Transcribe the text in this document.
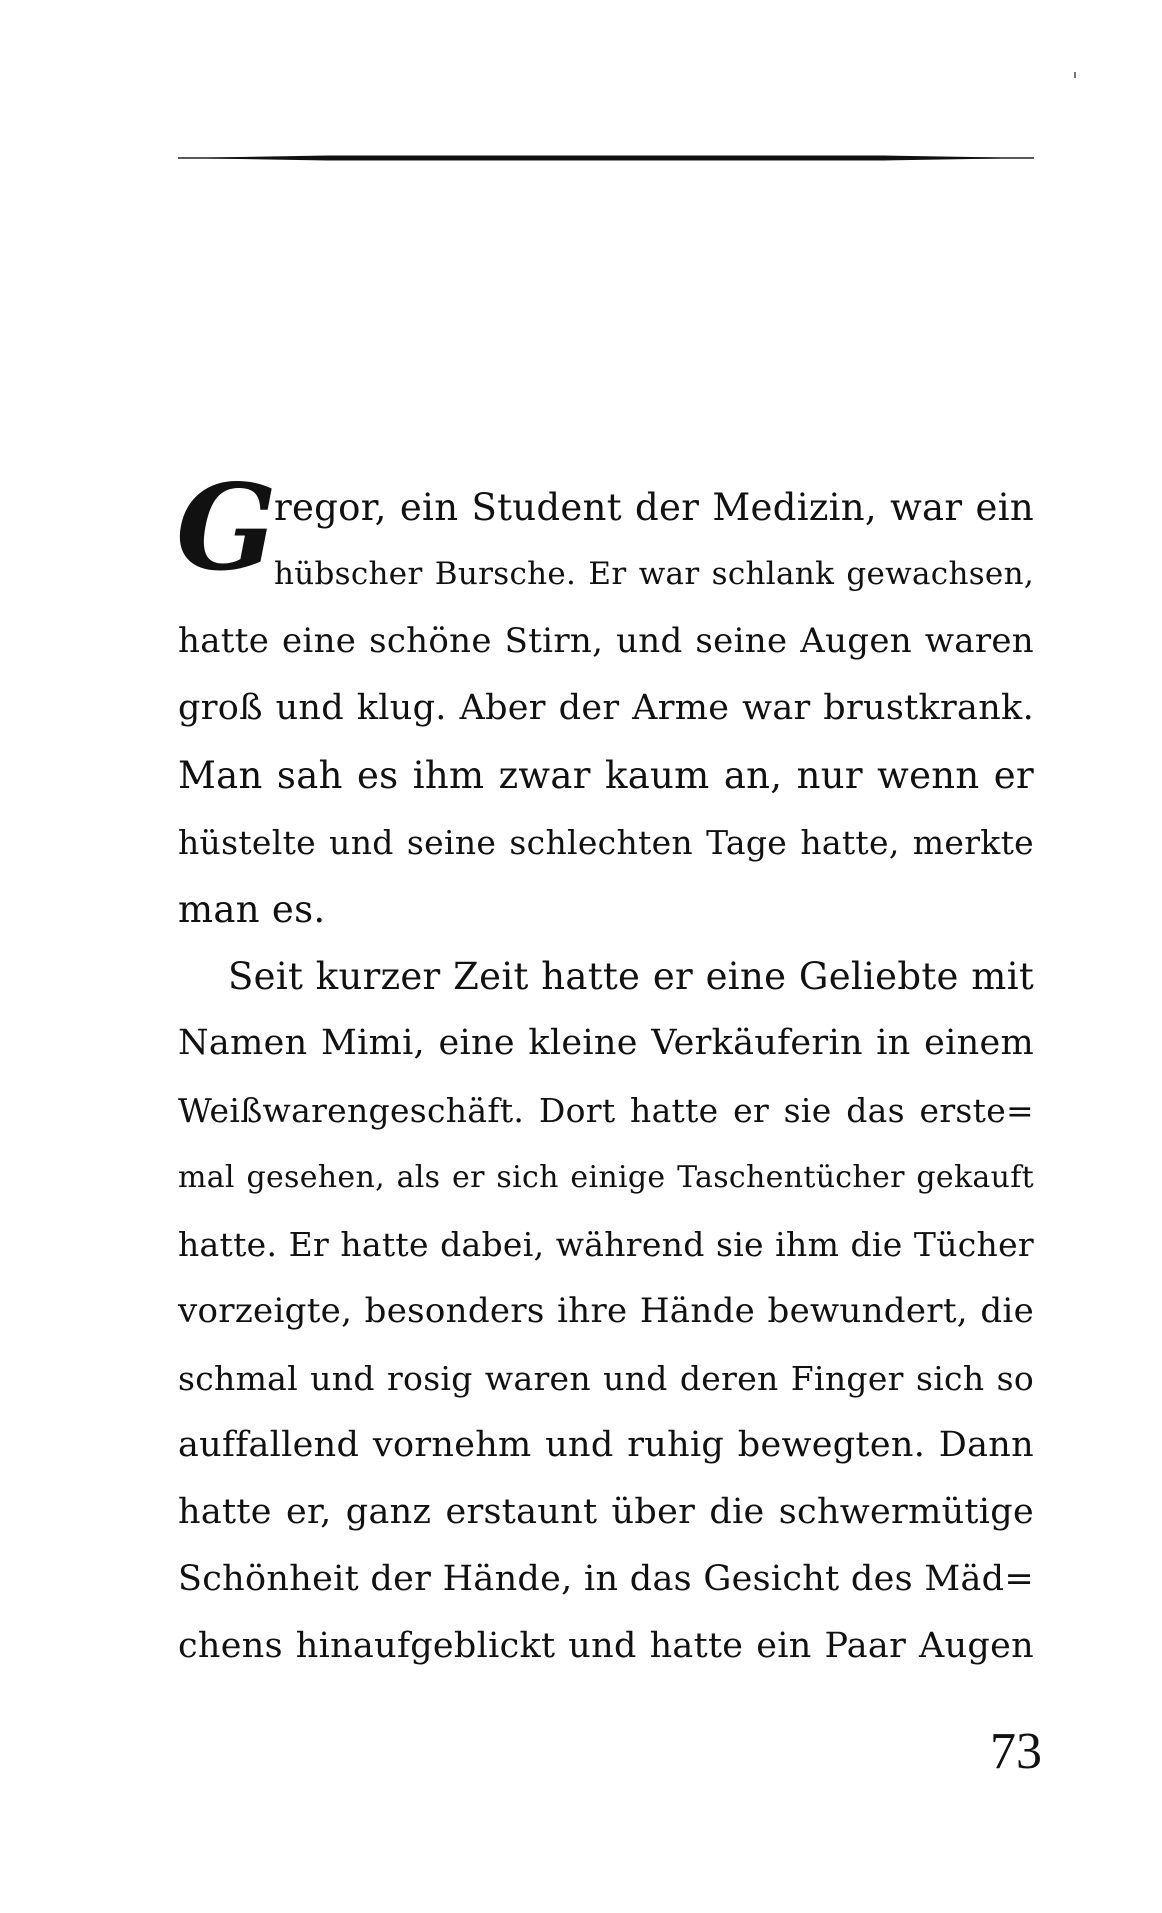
G
regor, ein Student der Medizin, war ein
hübscher Bursche. Er war schlank gewachsen,
hatte eine schöne Stirn, und seine Augen waren
groß und klug. Aber der Arme war brustkrank.
Man sah es ihm zwar kaum an, nur wenn er
hüstelte und seine schlechten Tage hatte, merkte
man es.
Seit kurzer Zeit hatte er eine Geliebte mit
Namen Mimi, eine kleine Verkäuferin in einem
Weißwarengeschäft. Dort hatte er sie das erste=
mal gesehen, als er sich einige Taschentücher gekauft
hatte. Er hatte dabei, während sie ihm die Tücher
vorzeigte, besonders ihre Hände bewundert, die
schmal und rosig waren und deren Finger sich so
auffallend vornehm und ruhig bewegten. Dann
hatte er, ganz erstaunt über die schwermütige
Schönheit der Hände, in das Gesicht des Mäd=
chens hinaufgeblickt und hatte ein Paar Augen
73
